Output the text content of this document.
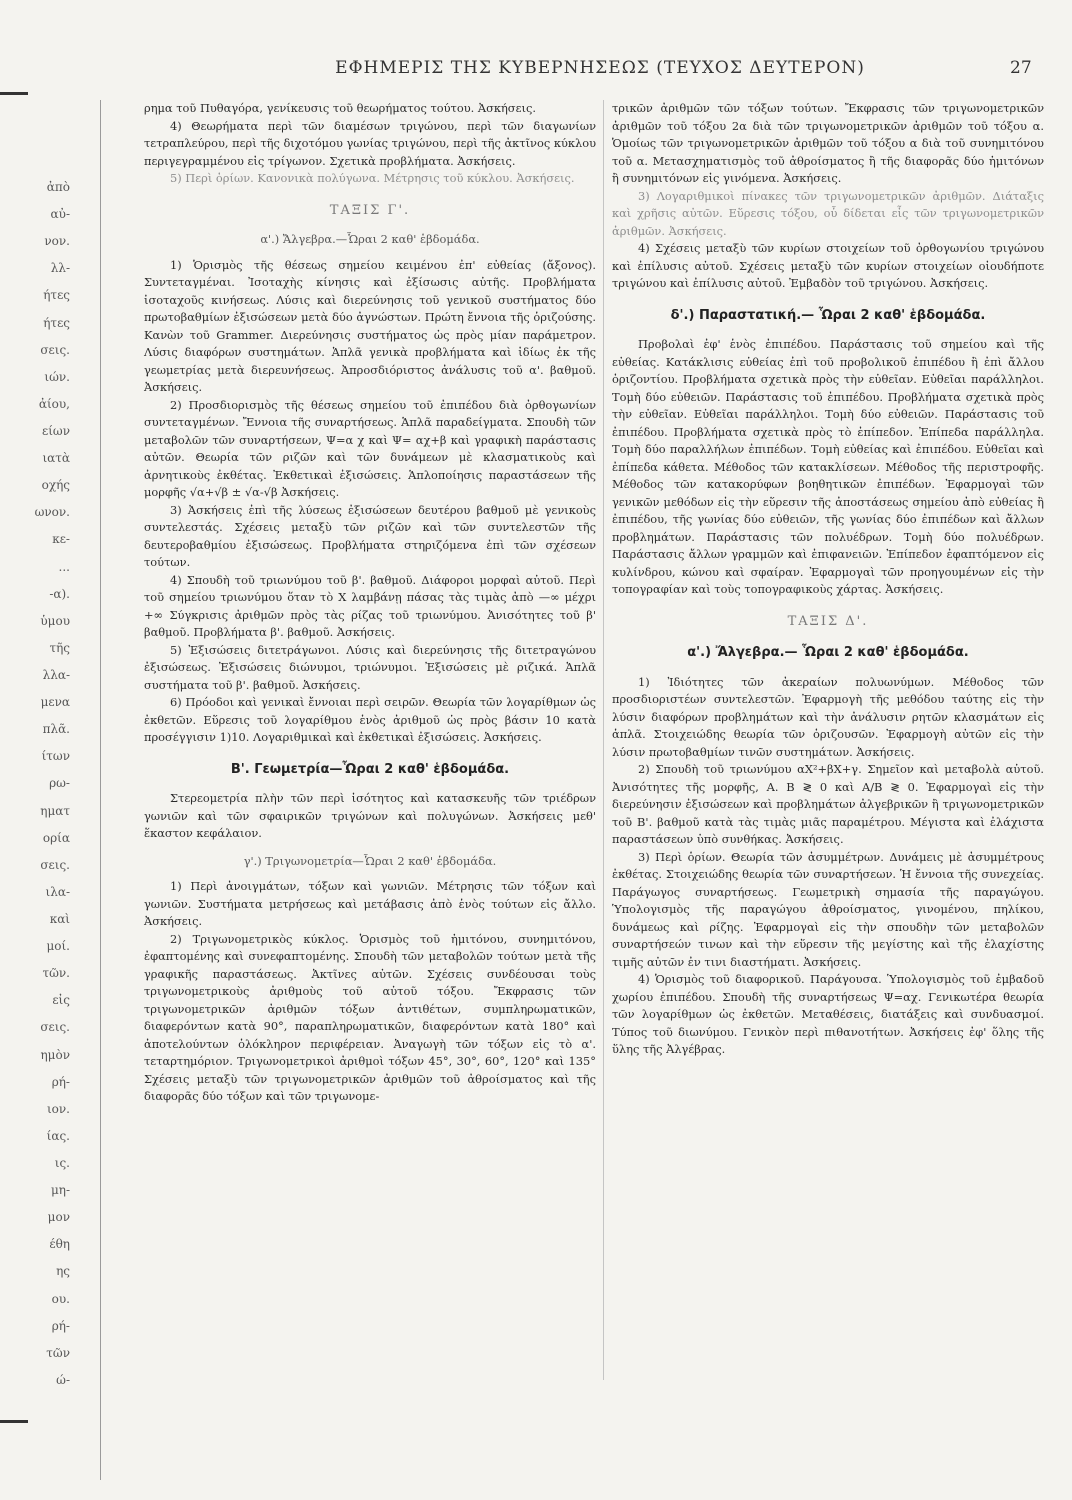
ἀπὸ
αὐ-
νον.
λλ-
ήτες
ήτες
σεις.
ιών.
ἀίου,
είων
ιατὰ
οχής
ωνον.
κε-
...
-α).
ὑμου
τῆς
λλα-
μενα
πλᾶ.
ίτων
ρω-
ηματ
ορία
σεις.
ιλα-
καὶ
μοί.
τῶν.
εἰς
σεις.
ημὸν
ρή-
ιον.
ίας.
ις.
μη-
μον
έθη
ης
ου.
ρή-
τῶν
ώ-
ΕΦΗΜΕΡΙΣ ΤΗΣ ΚΥΒΕΡΝΗΣΕΩΣ (ΤΕΥΧΟΣ ΔΕΥΤΕΡΟΝ)	27

ρημα τοῦ Πυθαγόρα, γενίκευσις τοῦ θεωρήματος τούτου. Ἀσκήσεις.

4) Θεωρήματα περὶ τῶν διαμέσων τριγώνου, περὶ τῶν διαγωνίων τετραπλεύρου, περὶ τῆς διχοτόμου γωνίας τριγώνου, περὶ τῆς ἀκτῖνος κύκλου περιγεγραμμένου εἰς τρίγωνον. Σχετικὰ προβλήματα. Ἀσκήσεις.

5) Περὶ ὁρίων. Κανονικὰ πολύγωνα. Μέτρησις τοῦ κύκλου. Ἀσκήσεις.

ΤΑΞΙΣ Γ'.
α'.) Ἄλγεβρα.—Ὧραι 2 καθ' ἑβδομάδα.

1) Ὁρισμὸς τῆς θέσεως σημείου κειμένου ἐπ' εὐθείας (ἄξονος). Συντεταγμέναι. Ἰσοταχὴς κίνησις καὶ ἐξίσωσις αὐτῆς. Προβλήματα ἰσοταχοῦς κινήσεως. Λύσις καὶ διερεύνησις τοῦ γενικοῦ συστήματος δύο πρωτοβαθμίων ἐξισώσεων μετὰ δύο ἀγνώστων. Πρώτη ἔννοια τῆς ὁριζούσης. Κανὼν τοῦ Grammer. Διερεύνησις συστήματος ὡς πρὸς μίαν παράμετρον. Λύσις διαφόρων συστημάτων. Ἁπλᾶ γενικὰ προβλήματα καὶ ἰδίως ἐκ τῆς γεωμετρίας μετὰ διερευνήσεως. Ἀπροσδιόριστος ἀνάλυσις τοῦ α'. βαθμοῦ. Ἀσκήσεις.

2) Προσδιορισμὸς τῆς θέσεως σημείου τοῦ ἐπιπέδου διὰ ὀρθογωνίων συντεταγμένων. Ἔννοια τῆς συναρτήσεως. Ἁπλᾶ παραδείγματα. Σπουδὴ τῶν μεταβολῶν τῶν συναρτήσεων, Ψ=α χ καὶ Ψ= αχ+β καὶ γραφικὴ παράστασις αὐτῶν. Θεωρία τῶν ριζῶν καὶ τῶν δυνάμεων μὲ κλασματικοὺς καὶ ἀρνητικοὺς ἐκθέτας. Ἐκθετικαὶ ἐξισώσεις. Ἁπλοποίησις παραστάσεων τῆς μορφῆς √α+√β ± √α-√β Ἀσκήσεις.

3) Ἀσκήσεις ἐπὶ τῆς λύσεως ἐξισώσεων δευτέρου βαθμοῦ μὲ γενικοὺς συντελεστάς. Σχέσεις μεταξὺ τῶν ριζῶν καὶ τῶν συντελεστῶν τῆς δευτεροβαθμίου ἐξισώσεως. Προβλήματα στηριζόμενα ἐπὶ τῶν σχέσεων τούτων.

4) Σπουδὴ τοῦ τριωνύμου τοῦ β'. βαθμοῦ. Διάφοροι μορφαὶ αὐτοῦ. Περὶ τοῦ σημείου τριωνύμου ὅταν τὸ Χ λαμβάνῃ πάσας τὰς τιμὰς ἀπὸ —∞ μέχρι +∞ Σύγκρισις ἀριθμῶν πρὸς τὰς ρίζας τοῦ τριωνύμου. Ἀνισότητες τοῦ β' βαθμοῦ. Προβλήματα β'. βαθμοῦ. Ἀσκήσεις.

5) Ἐξισώσεις διτετράγωνοι. Λύσις καὶ διερεύνησις τῆς διτετραγώνου ἐξισώσεως. Ἐξισώσεις διώνυμοι, τριώνυμοι. Ἐξισώσεις μὲ ριζικά. Ἁπλᾶ συστήματα τοῦ β'. βαθμοῦ. Ἀσκήσεις.

6) Πρόοδοι καὶ γενικαὶ ἔννοιαι περὶ σειρῶν. Θεωρία τῶν λογαρίθμων ὡς ἐκθετῶν. Εὕρεσις τοῦ λογαρίθμου ἑνὸς ἀριθμοῦ ὡς πρὸς βάσιν 10 κατὰ προσέγγισιν 1)10. Λογαριθμικαὶ καὶ ἐκθετικαὶ ἐξισώσεις. Ἀσκήσεις.

Β'. Γεωμετρία—Ὧραι 2 καθ' ἑβδομάδα.

Στερεομετρία πλὴν τῶν περὶ ἰσότητος καὶ κατασκευῆς τῶν τριέδρων γωνιῶν καὶ τῶν σφαιρικῶν τριγώνων καὶ πολυγώνων. Ἀσκήσεις μεθ' ἕκαστον κεφάλαιον.

γ'.) Τριγωνομετρία—Ὧραι 2 καθ' ἑβδομάδα.

1) Περὶ ἀνοιγμάτων, τόξων καὶ γωνιῶν. Μέτρησις τῶν τόξων καὶ γωνιῶν. Συστήματα μετρήσεως καὶ μετάβασις ἀπὸ ἑνὸς τούτων εἰς ἄλλο. Ἀσκήσεις.

2) Τριγωνομετρικὸς κύκλος. Ὁρισμὸς τοῦ ἡμιτόνου, συνημιτόνου, ἐφαπτομένης καὶ συνεφαπτομένης. Σπουδὴ τῶν μεταβολῶν τούτων μετὰ τῆς γραφικῆς παραστάσεως. Ἀκτῖνες αὐτῶν. Σχέσεις συνδέουσαι τοὺς τριγωνομετρικοὺς ἀριθμοὺς τοῦ αὐτοῦ τόξου. Ἔκφρασις τῶν τριγωνομετρικῶν ἀριθμῶν τόξων ἀντιθέτων, συμπληρωματικῶν, διαφερόντων κατὰ 90°, παραπληρωματικῶν, διαφερόντων κατὰ 180° καὶ ἀποτελούντων ὁλόκληρον περιφέρειαν. Ἀναγωγὴ τῶν τόξων εἰς τὸ α'. τεταρτημόριον. Τριγωνομετρικοὶ ἀριθμοὶ τόξων 45°, 30°, 60°, 120° καὶ 135° Σχέσεις μεταξὺ τῶν τριγωνομετρικῶν ἀριθμῶν τοῦ ἀθροίσματος καὶ τῆς διαφορᾶς δύο τόξων καὶ τῶν τριγωνομε-

τρικῶν ἀριθμῶν τῶν τόξων τούτων. Ἔκφρασις τῶν τριγωνομετρικῶν ἀριθμῶν τοῦ τόξου 2α διὰ τῶν τριγωνομετρικῶν ἀριθμῶν τοῦ τόξου α. Ὁμοίως τῶν τριγωνομετρικῶν ἀριθμῶν τοῦ τόξου α διὰ τοῦ συνημιτόνου τοῦ α. Μετασχηματισμὸς τοῦ ἀθροίσματος ἢ τῆς διαφορᾶς δύο ἡμιτόνων ἢ συνημιτόνων εἰς γινόμενα. Ἀσκήσεις.

3) Λογαριθμικοὶ πίνακες τῶν τριγωνομετρικῶν ἀριθμῶν. Διάταξις καὶ χρῆσις αὐτῶν. Εὕρεσις τόξου, οὗ δίδεται εἷς τῶν τριγωνομετρικῶν ἀριθμῶν. Ἀσκήσεις.

4) Σχέσεις μεταξὺ τῶν κυρίων στοιχείων τοῦ ὀρθογωνίου τριγώνου καὶ ἐπίλυσις αὐτοῦ. Σχέσεις μεταξὺ τῶν κυρίων στοιχείων οἱουδήποτε τριγώνου καὶ ἐπίλυσις αὐτοῦ. Ἐμβαδὸν τοῦ τριγώνου. Ἀσκήσεις.

δ'.) Παραστατική.— Ὧραι 2 καθ' ἑβδομάδα.

Προβολαὶ ἐφ' ἑνὸς ἐπιπέδου. Παράστασις τοῦ σημείου καὶ τῆς εὐθείας. Κατάκλισις εὐθείας ἐπὶ τοῦ προβολικοῦ ἐπιπέδου ἢ ἐπὶ ἄλλου ὁριζοντίου. Προβλήματα σχετικὰ πρὸς τὴν εὐθεῖαν. Εὐθεῖαι παράλληλοι. Τομὴ δύο εὐθειῶν. Παράστασις τοῦ ἐπιπέδου. Προβλήματα σχετικὰ πρὸς τὴν εὐθεῖαν. Εὐθεῖαι παράλληλοι. Τομὴ δύο εὐθειῶν. Παράστασις τοῦ ἐπιπέδου. Προβλήματα σχετικὰ πρὸς τὸ ἐπίπεδον. Ἐπίπεδα παράλληλα. Τομὴ δύο παραλλήλων ἐπιπέδων. Τομὴ εὐθείας καὶ ἐπιπέδου. Εὐθεῖαι καὶ ἐπίπεδα κάθετα. Μέθοδος τῶν κατακλίσεων. Μέθοδος τῆς περιστροφῆς. Μέθοδος τῶν κατακορύφων βοηθητικῶν ἐπιπέδων. Ἐφαρμογαὶ τῶν γενικῶν μεθόδων εἰς τὴν εὕρεσιν τῆς ἀποστάσεως σημείου ἀπὸ εὐθείας ἢ ἐπιπέδου, τῆς γωνίας δύο εὐθειῶν, τῆς γωνίας δύο ἐπιπέδων καὶ ἄλλων προβλημάτων. Παράστασις τῶν πολυέδρων. Τομὴ δύο πολυέδρων. Παράστασις ἄλλων γραμμῶν καὶ ἐπιφανειῶν. Ἐπίπεδον ἐφαπτόμενον εἰς κυλίνδρου, κώνου καὶ σφαίραν. Ἐφαρμογαὶ τῶν προηγουμένων εἰς τὴν τοπογραφίαν καὶ τοὺς τοπογραφικοὺς χάρτας. Ἀσκήσεις.

ΤΑΞΙΣ Δ'.
α'.) Ἄλγεβρα.— Ὧραι 2 καθ' ἑβδομάδα.

1) Ἰδιότητες τῶν ἀκεραίων πολυωνύμων. Μέθοδος τῶν προσδιοριστέων συντελεστῶν. Ἐφαρμογὴ τῆς μεθόδου ταύτης εἰς τὴν λύσιν διαφόρων προβλημάτων καὶ τὴν ἀνάλυσιν ρητῶν κλασμάτων εἰς ἁπλᾶ. Στοιχειώδης θεωρία τῶν ὁριζουσῶν. Ἐφαρμογὴ αὐτῶν εἰς τὴν λύσιν πρωτοβαθμίων τινῶν συστημάτων. Ἀσκήσεις.

2) Σπουδὴ τοῦ τριωνύμου αΧ²+βΧ+γ. Σημεῖον καὶ μεταβολὰ αὐτοῦ. Ἀνισότητες τῆς μορφῆς, Α. Β ≷ 0 καὶ Α/Β ≷ 0. Ἐφαρμογαὶ εἰς τὴν διερεύνησιν ἐξισώσεων καὶ προβλημάτων ἀλγεβρικῶν ἢ τριγωνομετρικῶν τοῦ Β'. βαθμοῦ κατὰ τὰς τιμὰς μιᾶς παραμέτρου. Μέγιστα καὶ ἐλάχιστα παραστάσεων ὑπὸ συνθήκας. Ἀσκήσεις.

3) Περὶ ὁρίων. Θεωρία τῶν ἀσυμμέτρων. Δυνάμεις μὲ ἀσυμμέτρους ἐκθέτας. Στοιχειώδης θεωρία τῶν συναρτήσεων. Ἡ ἔννοια τῆς συνεχείας. Παράγωγος συναρτήσεως. Γεωμετρικὴ σημασία τῆς παραγώγου. Ὑπολογισμὸς τῆς παραγώγου ἀθροίσματος, γινομένου, πηλίκου, δυνάμεως καὶ ρίζης. Ἐφαρμογαὶ εἰς τὴν σπουδὴν τῶν μεταβολῶν συναρτήσεών τινων καὶ τὴν εὕρεσιν τῆς μεγίστης καὶ τῆς ἐλαχίστης τιμῆς αὐτῶν ἐν τινι διαστήματι. Ἀσκήσεις.

4) Ὁρισμὸς τοῦ διαφορικοῦ. Παράγουσα. Ὑπολογισμὸς τοῦ ἐμβαδοῦ χωρίου ἐπιπέδου. Σπουδὴ τῆς συναρτήσεως Ψ=αχ. Γενικωτέρα θεωρία τῶν λογαρίθμων ὡς ἐκθετῶν. Μεταθέσεις, διατάξεις καὶ συνδυασμοί. Τύπος τοῦ διωνύμου. Γενικὸν περὶ πιθανοτήτων. Ἀσκήσεις ἐφ' ὅλης τῆς ὕλης τῆς Ἀλγέβρας.
